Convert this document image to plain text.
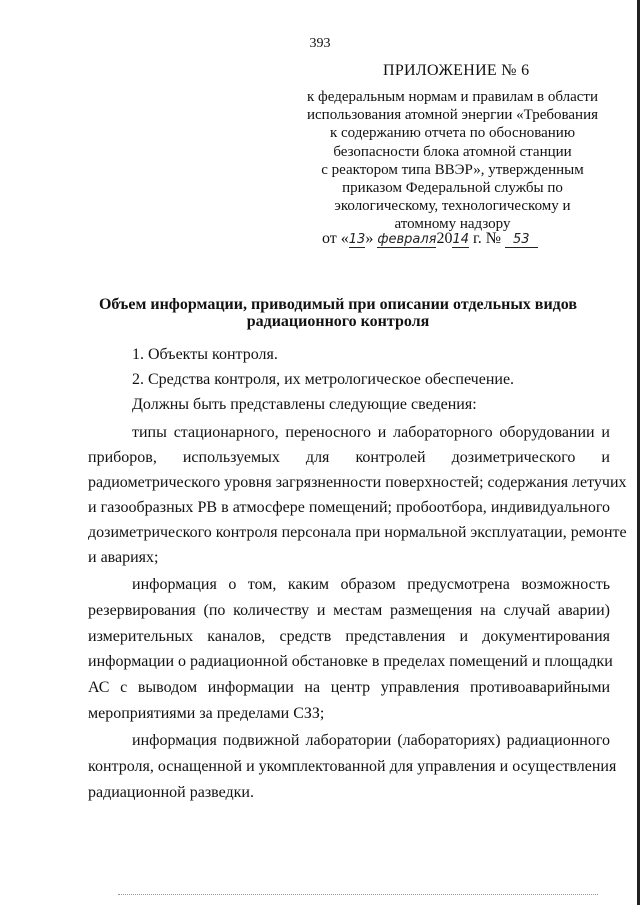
393
ПРИЛОЖЕНИЕ № 6
к федеральным нормам и правилам в области
использования атомной энергии «Требования
к содержанию отчета по обоснованию
безопасности блока атомной станции
с реактором типа ВВЭР», утвержденным
приказом Федеральной службы по
экологическому, технологическому и
атомному надзору
от «13» февраля2014 г. № 53
Объем информации, приводимый при описании отдельных видов
радиационного контроля
1. Объекты контроля.
2. Средства контроля, их метрологическое обеспечение.
Должны быть представлены следующие сведения:
типы стационарного, переносного и лабораторного оборудовании и
приборов, используемых для контролей дозиметрического и
радиометрического уровня загрязненности поверхностей; содержания летучих
и газообразных РВ в атмосфере помещений; пробоотбора, индивидуального
дозиметрического контроля персонала при нормальной эксплуатации, ремонте
и авариях;
информация о том, каким образом предусмотрена возможность
резервирования (по количеству и местам размещения на случай аварии)
измерительных каналов, средств представления и документирования
информации о радиационной обстановке в пределах помещений и площадки
АС с выводом информации на центр управления противоаварийными
мероприятиями за пределами СЗЗ;
информация подвижной лаборатории (лабораториях) радиационного
контроля, оснащенной и укомплектованной для управления и осуществления
радиационной разведки.
